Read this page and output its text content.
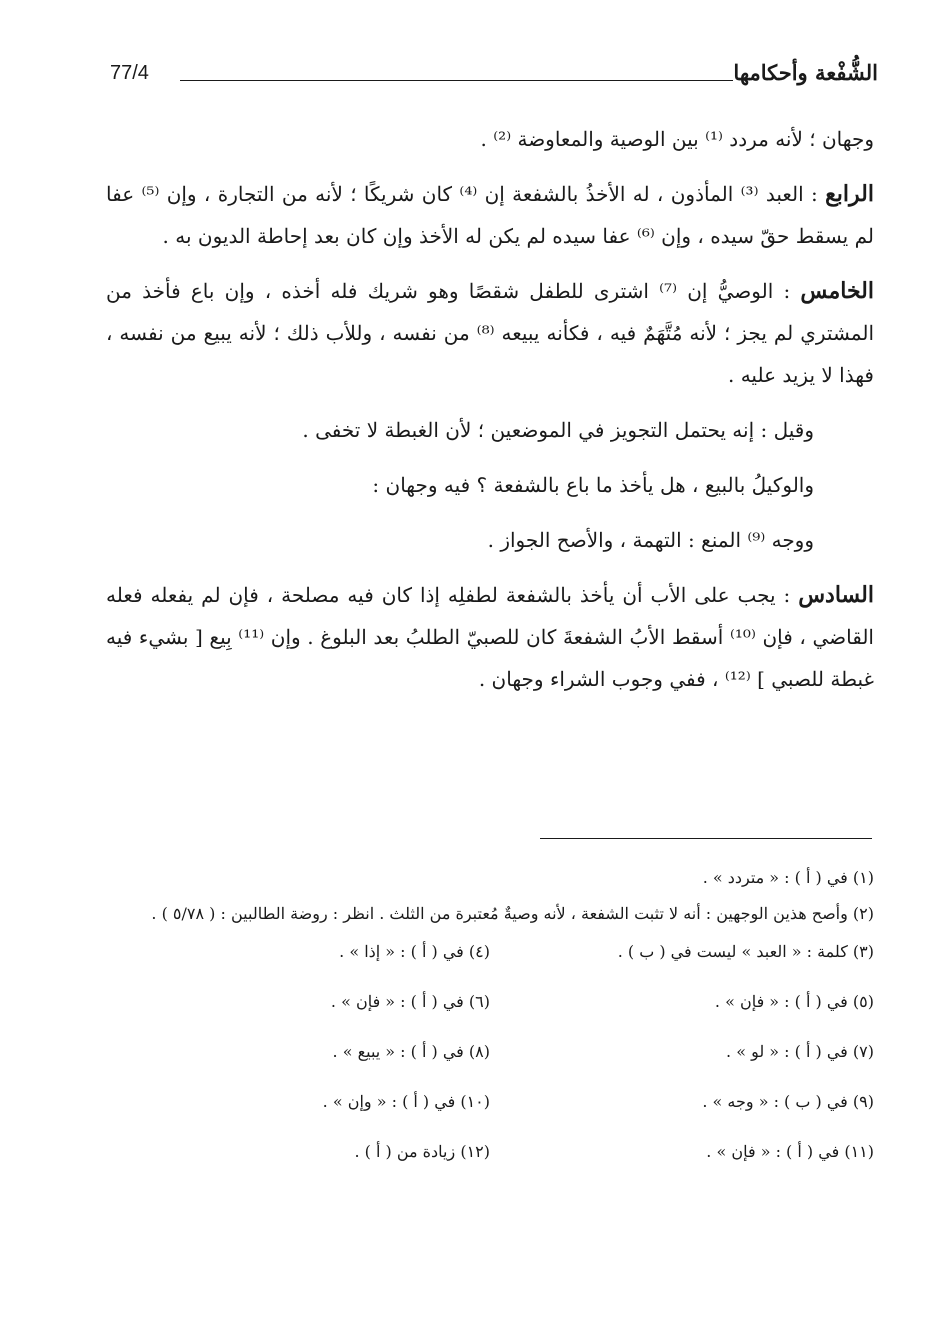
77/4	الشُّفْعة وأحكامها

وجهان ؛ لأنه مردد ⁽¹⁾ بين الوصية والمعاوضة ⁽²⁾ .

الرابع : العبد ⁽³⁾ المأذون ، له الأخذُ بالشفعة إن ⁽⁴⁾ كان شريكًا ؛ لأنه من التجارة ، وإن ⁽⁵⁾ عفا لم يسقط حقّ سيده ، وإن ⁽⁶⁾ عفا سيده لم يكن له الأخذ وإن كان بعد إحاطة الديون به .

الخامس : الوصيُّ إن ⁽⁷⁾ اشترى للطفل شقصًا وهو شريك فله أخذه ، وإن باع فأخذ من المشتري لم يجز ؛ لأنه مُتَّهَمٌ فيه ، فكأنه يبيعه ⁽⁸⁾ من نفسه ، وللأب ذلك ؛ لأنه يبيع من نفسه ، فهذا لا يزيد عليه .

وقيل : إنه يحتمل التجويز في الموضعين ؛ لأن الغبطة لا تخفى .

والوكيلُ بالبيع ، هل يأخذ ما باع بالشفعة ؟ فيه وجهان :

ووجه ⁽⁹⁾ المنع : التهمة ، والأصح الجواز .

السادس : يجب على الأب أن يأخذ بالشفعة لطفلِه إذا كان فيه مصلحة ، فإن لم يفعله فعله القاضي ، فإن ⁽¹⁰⁾ أسقط الأبُ الشفعةَ كان للصبيّ الطلبُ بعد البلوغ . وإن ⁽¹¹⁾ بِيع [ بشيء فيه غبطة للصبي ] ⁽¹²⁾ ، ففي وجوب الشراء وجهان .

(١) في ( أ ) : « متردد » .
(٢) وأصح هذين الوجهين : أنه لا تثبت الشفعة ، لأنه وصيةٌ مُعتبرة من الثلث . انظر : روضة الطالبين : ( ٥/٧٨ ) .
(٣) كلمة : « العبد » ليست في ( ب ) .
(٤) في ( أ ) : « إذا » .
(٥) في ( أ ) : « فإن » .
(٦) في ( أ ) : « فإن » .
(٧) في ( أ ) : « لو » .
(٨) في ( أ ) : « يبيع » .
(٩) في ( ب ) : « وجه » .
(١٠) في ( أ ) : « وإن » .
(١١) في ( أ ) : « فإن » .
(١٢) زيادة من ( أ ) .
